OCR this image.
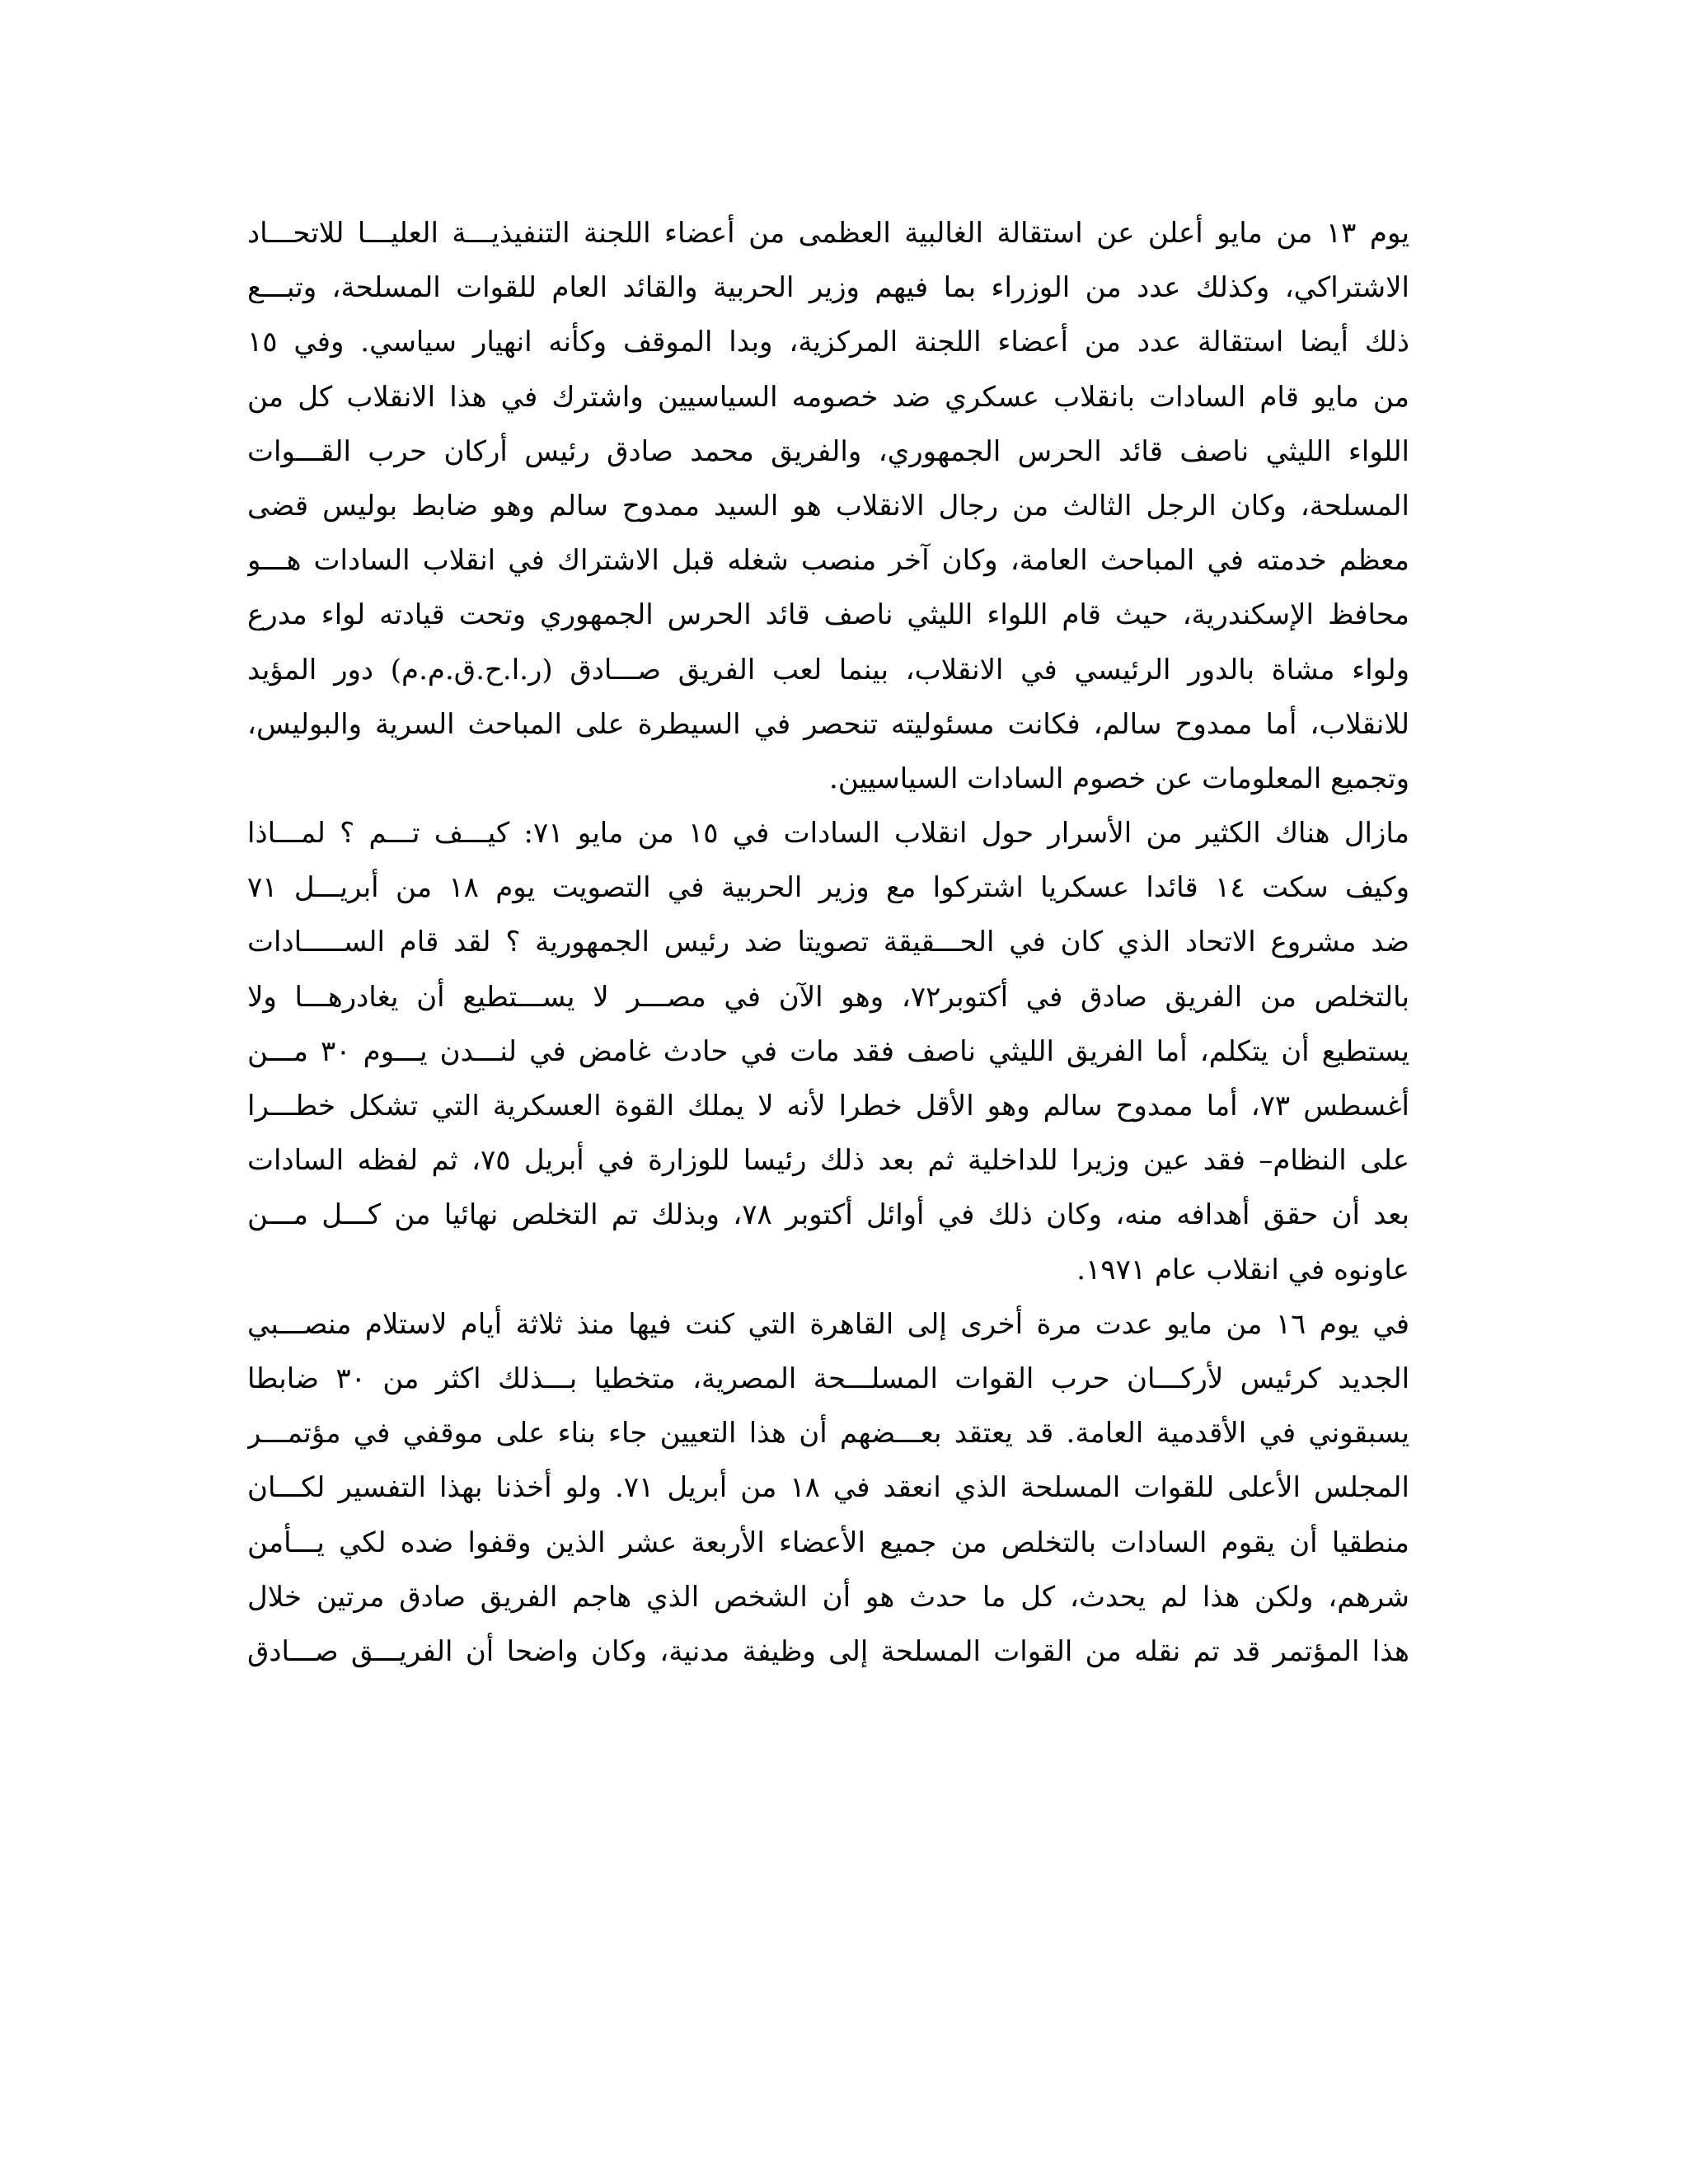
يوم ١٣ من مايو أعلن عن استقالة الغالبية العظمى من أعضاء اللجنة التنفيذيـــة العليـــا للاتحـــاد
الاشتراكي، وكذلك عدد من الوزراء بما فيهم وزير الحربية والقائد العام للقوات المسلحة، وتبـــع
ذلك أيضا استقالة عدد من أعضاء اللجنة المركزية، وبدا الموقف وكأنه انهيار سياسي. وفي ١٥
من مايو قام السادات بانقلاب عسكري ضد خصومه السياسيين واشترك في هذا الانقلاب كل من
اللواء الليثي ناصف قائد الحرس الجمهوري، والفريق محمد صادق رئيس أركان حرب القـــوات
المسلحة، وكان الرجل الثالث من رجال الانقلاب هو السيد ممدوح سالم وهو ضابط بوليس قضى
معظم خدمته في المباحث العامة، وكان آخر منصب شغله قبل الاشتراك في انقلاب السادات هـــو
محافظ الإسكندرية، حيث قام اللواء الليثي ناصف قائد الحرس الجمهوري وتحت قيادته لواء مدرع
ولواء مشاة بالدور الرئيسي في الانقلاب، بينما لعب الفريق صـــادق (ر.ا.ح.ق.م.م) دور المؤيد
للانقلاب، أما ممدوح سالم، فكانت مسئوليته تنحصر في السيطرة على المباحث السرية والبوليس،
وتجميع المعلومات عن خصوم السادات السياسيين.
مازال هناك الكثير من الأسرار حول انقلاب السادات في ١٥ من مايو ٧١: كيـــف تـــم ؟ لمـــاذا
وكيف سكت ١٤ قائدا عسكريا اشتركوا مع وزير الحربية في التصويت يوم ١٨ من أبريـــل ٧١
ضد مشروع الاتحاد الذي كان في الحـــقيقة تصويتا ضد رئيس الجمهورية ؟ لقد قام الســـــادات
بالتخلص من الفريق صادق في أكتوبر٧٢، وهو الآن في مصـــر لا يســـتطيع أن يغادرهـــا ولا
يستطيع أن يتكلم، أما الفريق الليثي ناصف فقد مات في حادث غامض في لنـــدن يـــوم ٣٠ مـــن
أغسطس ٧٣، أما ممدوح سالم وهو الأقل خطرا لأنه لا يملك القوة العسكرية التي تشكل خطـــرا
على النظام– فقد عين وزيرا للداخلية ثم بعد ذلك رئيسا للوزارة في أبريل ٧٥، ثم لفظه السادات
بعد أن حقق أهدافه منه، وكان ذلك في أوائل أكتوبر ٧٨، وبذلك تم التخلص نهائيا من كـــل مـــن
عاونوه في انقلاب عام ١٩٧١.
في يوم ١٦ من مايو عدت مرة أخرى إلى القاهرة التي كنت فيها منذ ثلاثة أيام لاستلام منصـــبي
الجديد كرئيس لأركـــان حرب القوات المسلـــحة المصرية، متخطيا بـــذلك اكثر من ٣٠ ضابطا
يسبقوني في الأقدمية العامة. قد يعتقد بعـــضهم أن هذا التعيين جاء بناء على موقفي في مؤتمـــر
المجلس الأعلى للقوات المسلحة الذي انعقد في ١٨ من أبريل ٧١. ولو أخذنا بهذا التفسير لكـــان
منطقيا أن يقوم السادات بالتخلص من جميع الأعضاء الأربعة عشر الذين وقفوا ضده لكي يـــأمن
شرهم، ولكن هذا لم يحدث، كل ما حدث هو أن الشخص الذي هاجم الفريق صادق مرتين خلال
هذا المؤتمر قد تم نقله من القوات المسلحة إلى وظيفة مدنية، وكان واضحا أن الفريـــق صـــادق
